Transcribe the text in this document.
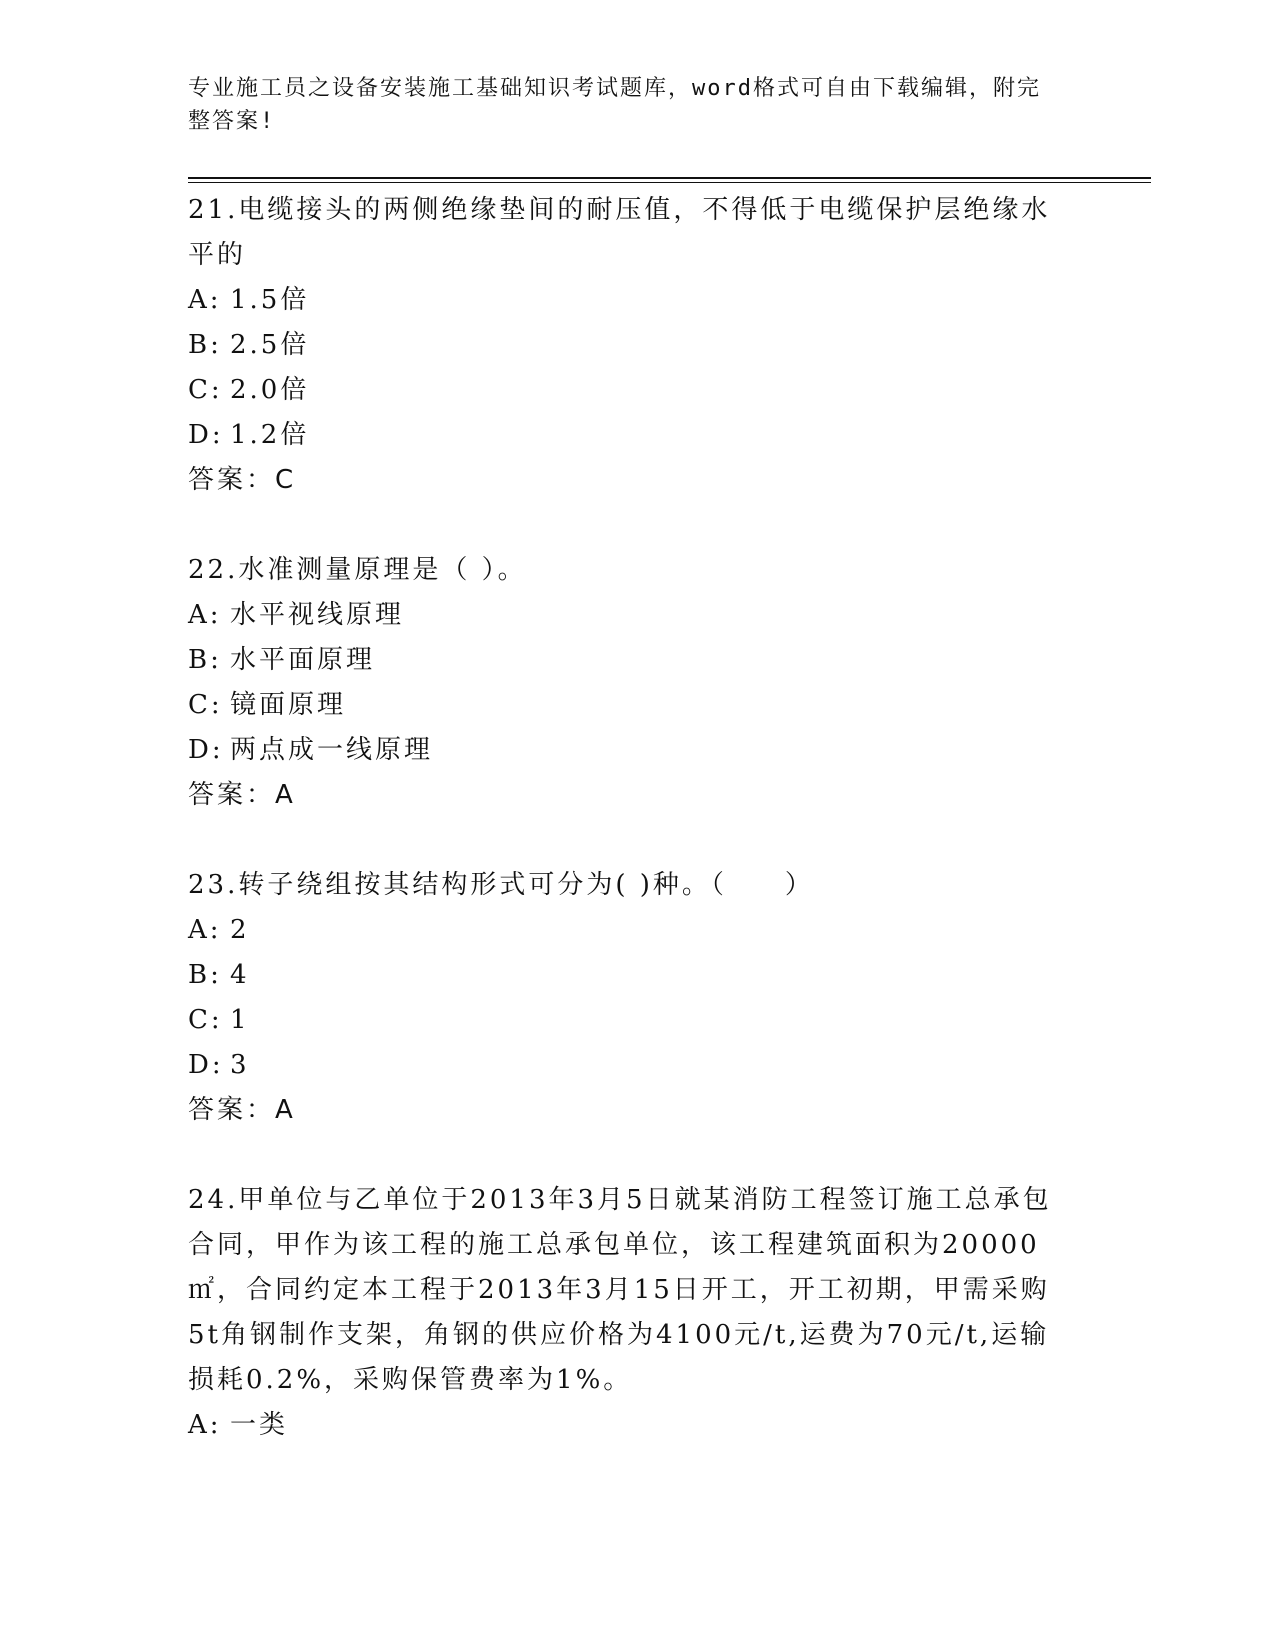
专业施工员之设备安装施工基础知识考试题库，word格式可自由下载编辑，附完
整答案!
21.电缆接头的两侧绝缘垫间的耐压值，不得低于电缆保护层绝缘水平的
A: 1.5倍
B: 2.5倍
C: 2.0倍
D: 1.2倍
答案：C
22.水准测量原理是（ ）。
A: 水平视线原理
B: 水平面原理
C: 镜面原理
D: 两点成一线原理
答案：A
23.转子绕组按其结构形式可分为( )种。（　　）
A: 2
B: 4
C: 1
D: 3
答案：A
24.甲单位与乙单位于2013年3月5日就某消防工程签订施工总承包合同，甲作为该工程的施工总承包单位，该工程建筑面积为20000㎡，合同约定本工程于2013年3月15日开工，开工初期，甲需采购5t角钢制作支架，角钢的供应价格为4100元/t,运费为70元/t,运输损耗0.2%，采购保管费率为1%。
A: 一类
